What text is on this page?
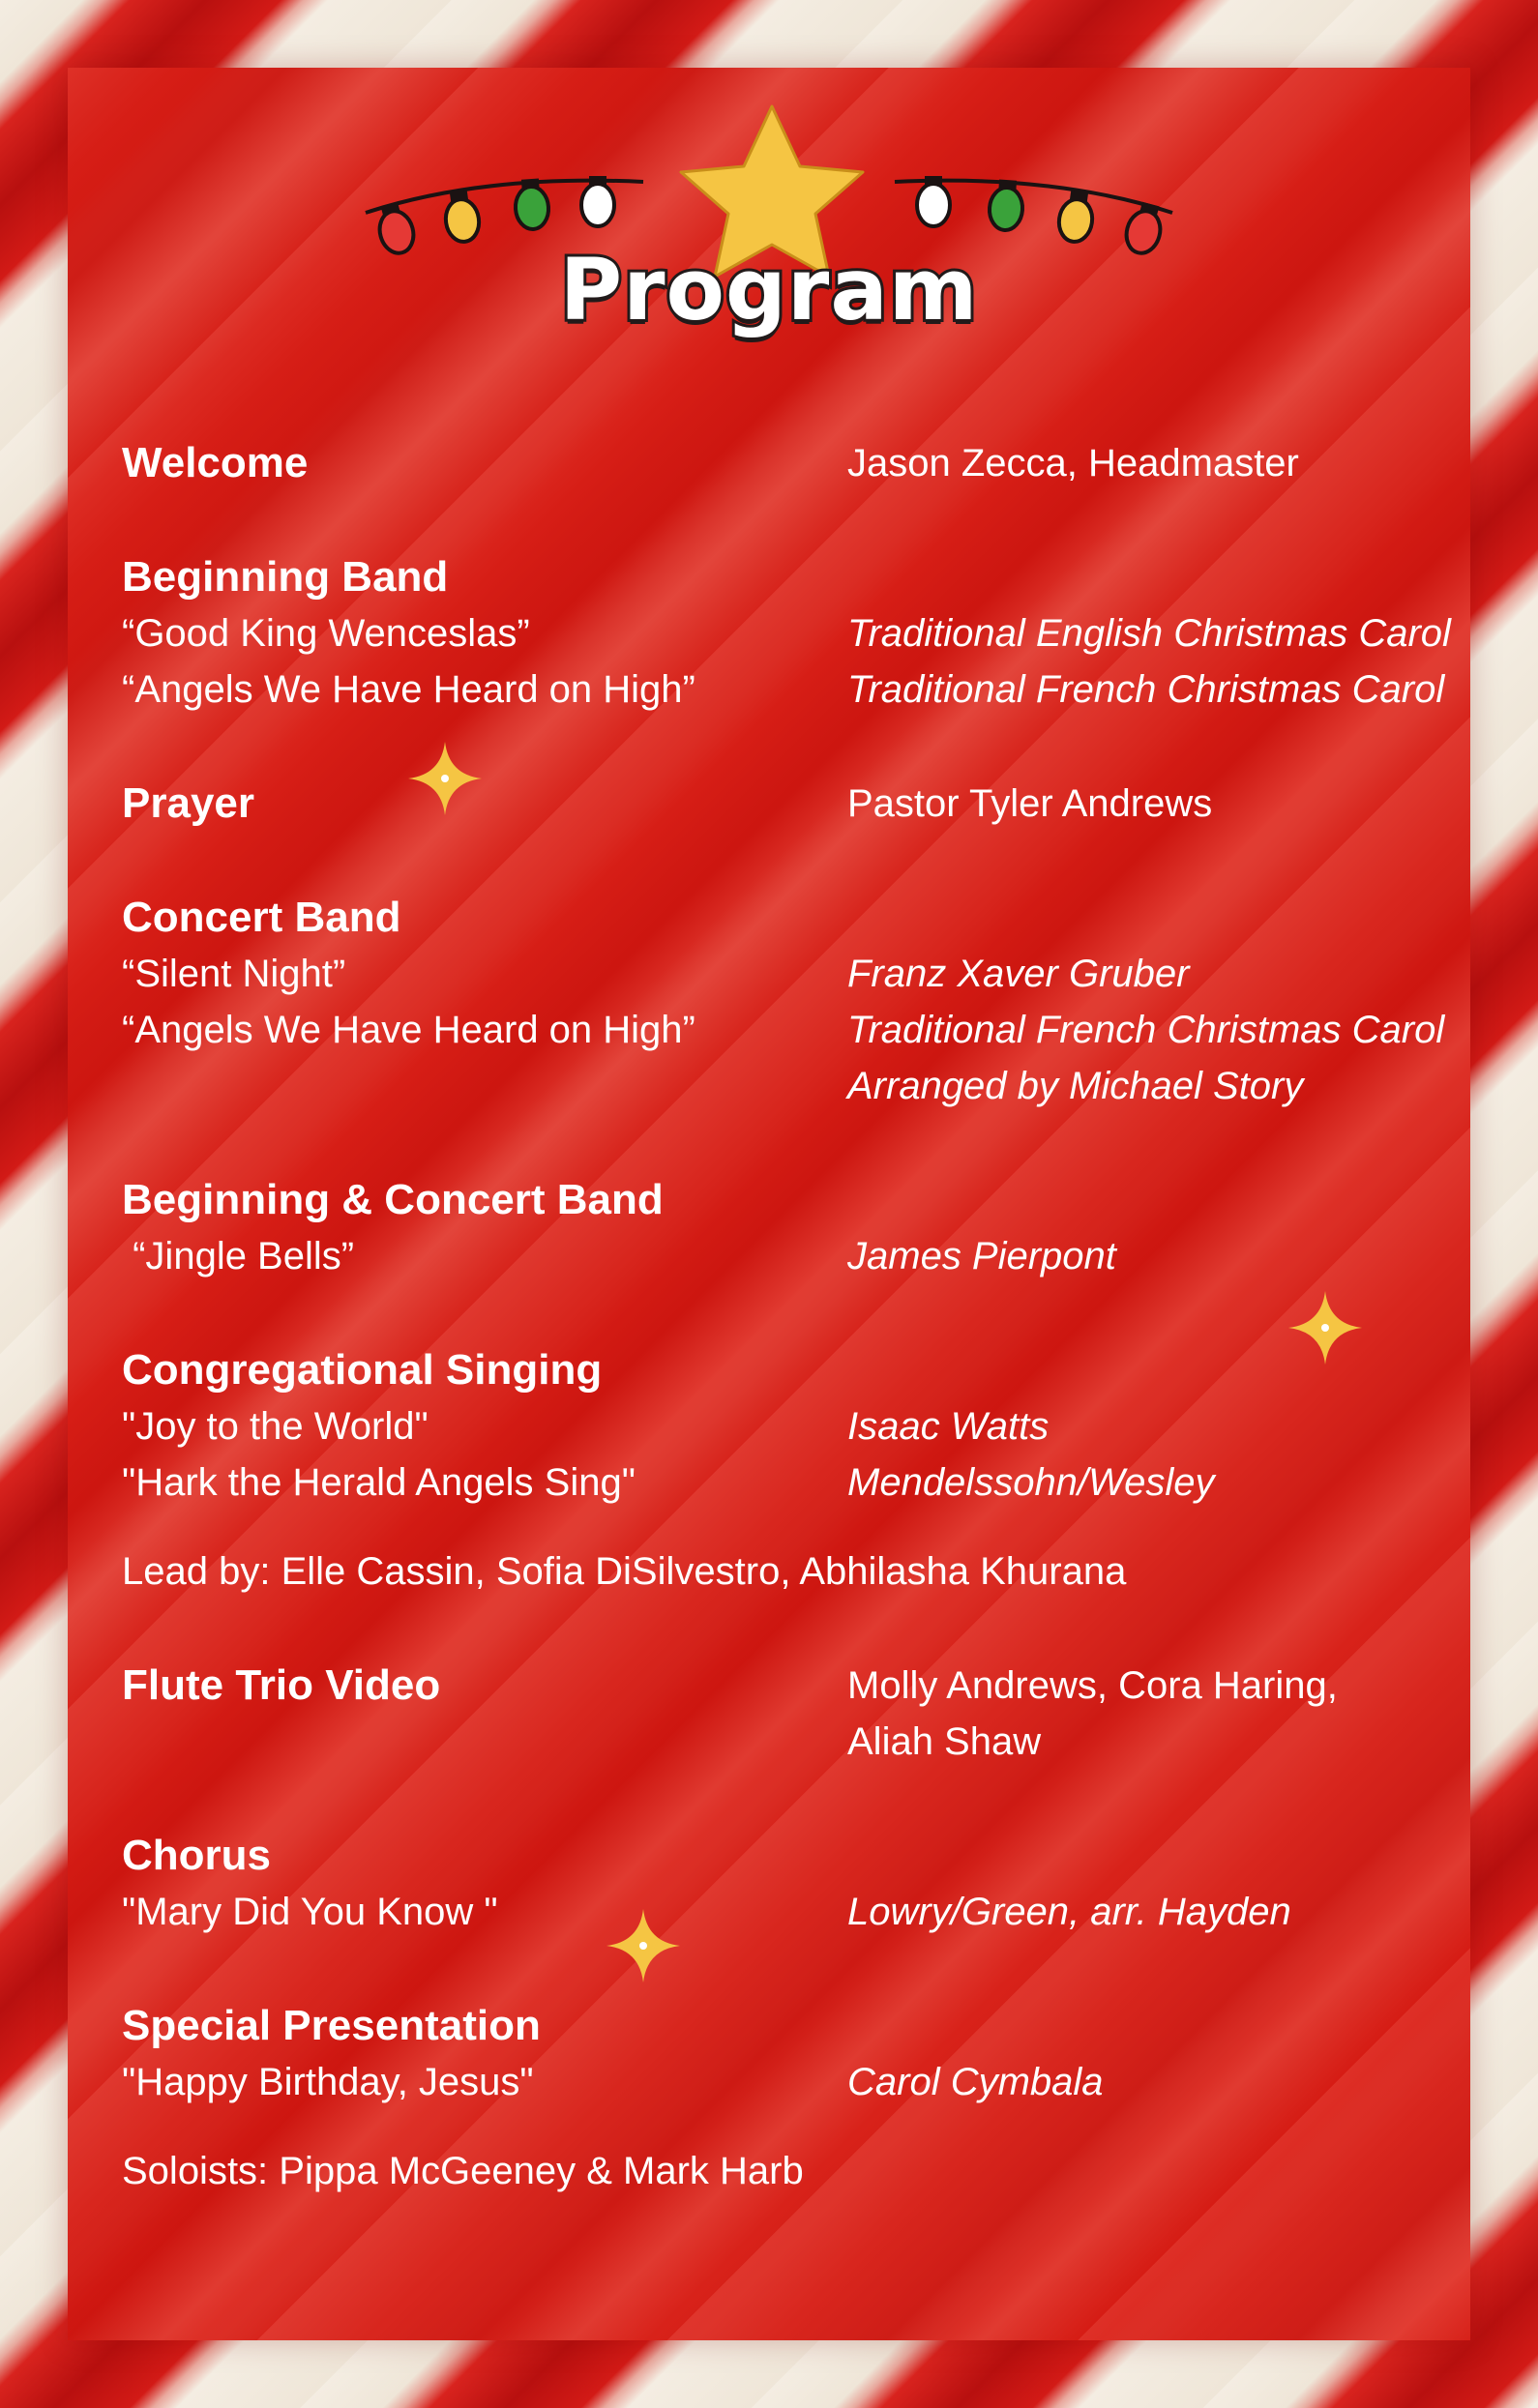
Program
Welcome	Jason Zecca, Headmaster
Beginning Band
“Good King Wenceslas”	Traditional English Christmas Carol
“Angels We Have Heard on High”	Traditional French Christmas Carol
Prayer	Pastor Tyler Andrews
Concert Band
“Silent Night”	Franz Xaver Gruber
“Angels We Have Heard on High”	Traditional French Christmas Carol
Arranged by Michael Story
Beginning & Concert Band
“Jingle Bells”	James Pierpont
Congregational Singing
"Joy to the World"	Isaac Watts
"Hark the Herald Angels Sing"	Mendelssohn/Wesley
Lead by: Elle Cassin, Sofia DiSilvestro, Abhilasha Khurana
Flute Trio Video	Molly Andrews, Cora Haring,
Aliah Shaw
Chorus
"Mary Did You Know "	Lowry/Green, arr. Hayden
Special Presentation
"Happy Birthday, Jesus"	Carol Cymbala
Soloists: Pippa McGeeney & Mark Harb
